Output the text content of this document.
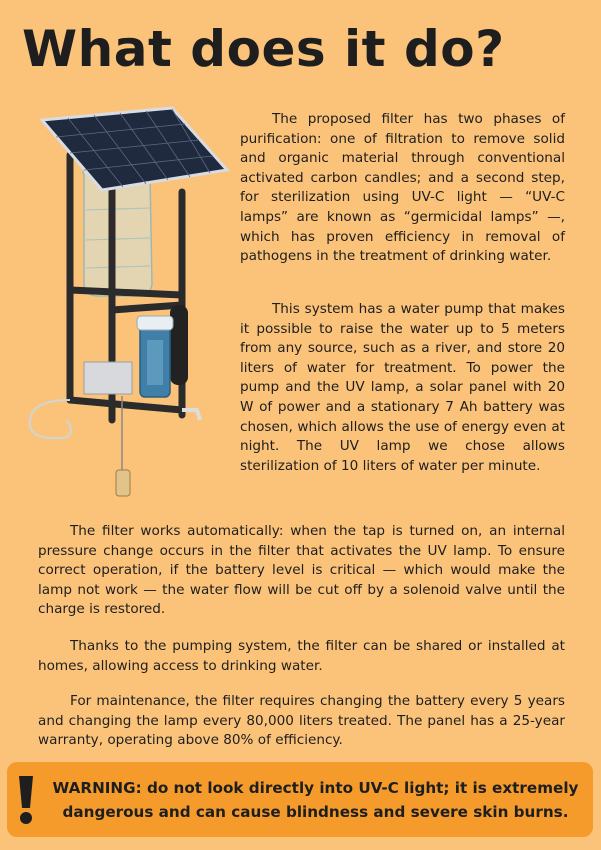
What does it do?

The proposed filter has two phases of purification: one of filtration to remove solid and organic material through conventional activated carbon candles; and a second step, for sterilization using UV-C light — “UV-C lamps” are known as “germicidal lamps” —, which has proven efficiency in removal of pathogens in the treatment of drinking water.

This system has a water pump that makes it possible to raise the water up to 5 meters from any source, such as a river, and store 20 liters of water for treatment. To power the pump and the UV lamp, a solar panel with 20 W of power and a stationary 7 Ah battery was chosen, which allows the use of energy even at night. The UV lamp we chose allows sterilization of 10 liters of water per minute.

The filter works automatically: when the tap is turned on, an internal pressure change occurs in the filter that activates the UV lamp. To ensure correct operation, if the battery level is critical — which would make the lamp not work — the water flow will be cut off by a solenoid valve until the charge is restored.

Thanks to the pumping system, the filter can be shared or installed at homes, allowing access to drinking water.

For maintenance, the filter requires changing the battery every 5 years and changing the lamp every 80,000 liters treated. The panel has a 25-year warranty, operating above 80% of efficiency.

WARNING: do not look directly into UV-C light; it is extremely dangerous and can cause blindness and severe skin burns.
